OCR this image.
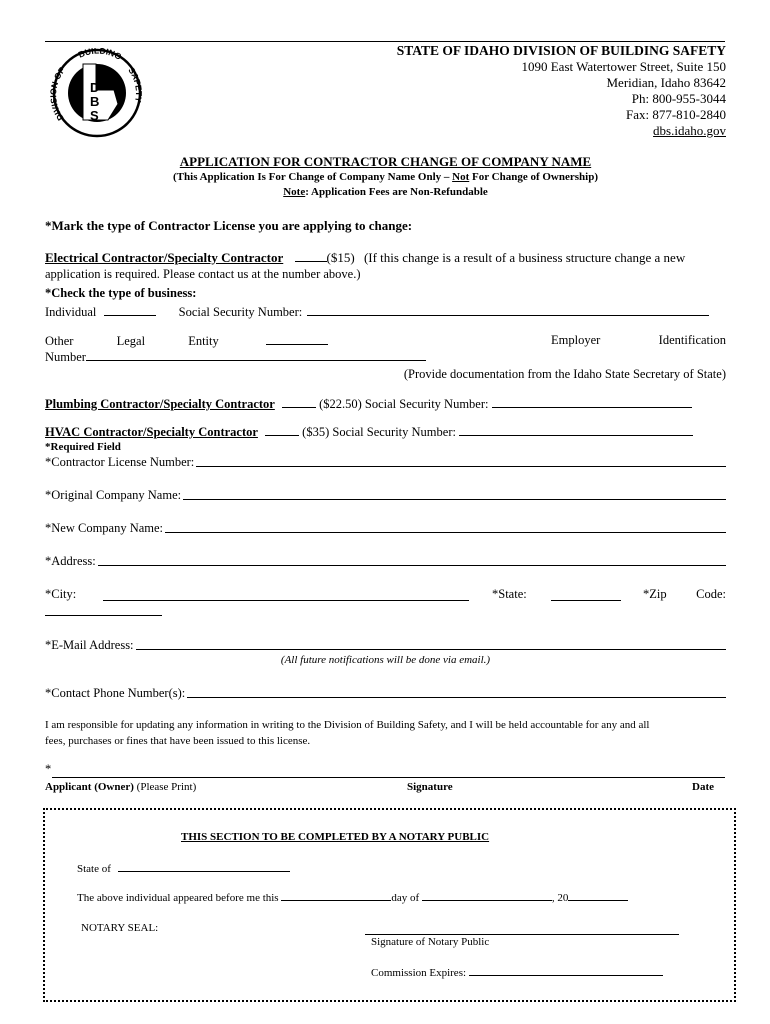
DIVI OF
BUILDING
SAFETY
D
B
S
STATE OF IDAHO DIVISION OF BUILDING SAFETY
1090 East Watertower Street, Suite 150
Meridian, Idaho 83642
Ph: 800-955-3044
Fax: 877-810-2840
dbs.idaho.gov
APPLICATION FOR CONTRACTOR CHANGE OF COMPANY NAME
(This Application Is For Change of Company Name Only – Not For Change of Ownership)
Note: Application Fees are Non-Refundable
*Mark the type of Contractor License you are applying to change:
Electrical Contractor/Specialty Contractor	($15) (If this change is a result of a business structure change a new
application is required. Please contact us at the number above.)
*Check the type of business:
Individual	Social Security Number:
Other	Legal	Entity	Employer	Identification
Number
(Provide documentation from the Idaho State Secretary of State)
Plumbing Contractor/Specialty Contractor	($22.50) Social Security Number:
HVAC Contractor/Specialty Contractor	($35) Social Security Number:
*Required Field
*Contractor License Number:
*Original Company Name:
*New Company Name:
*Address:
*City:	*State:	*Zip Code:
*E-Mail Address:
(All future notifications will be done via email.)
*Contact Phone Number(s):
I am responsible for updating any information in writing to the Division of Building Safety, and I will be held accountable for any and all
fees, purchases or fines that have been issued to this license.
*
Applicant (Owner) (Please Print)	Signature	Date
THIS SECTION TO BE COMPLETED BY A NOTARY PUBLIC
State of
The above individual appeared before me this	day of	, 20
NOTARY SEAL:
Signature of Notary Public
Commission Expires:
